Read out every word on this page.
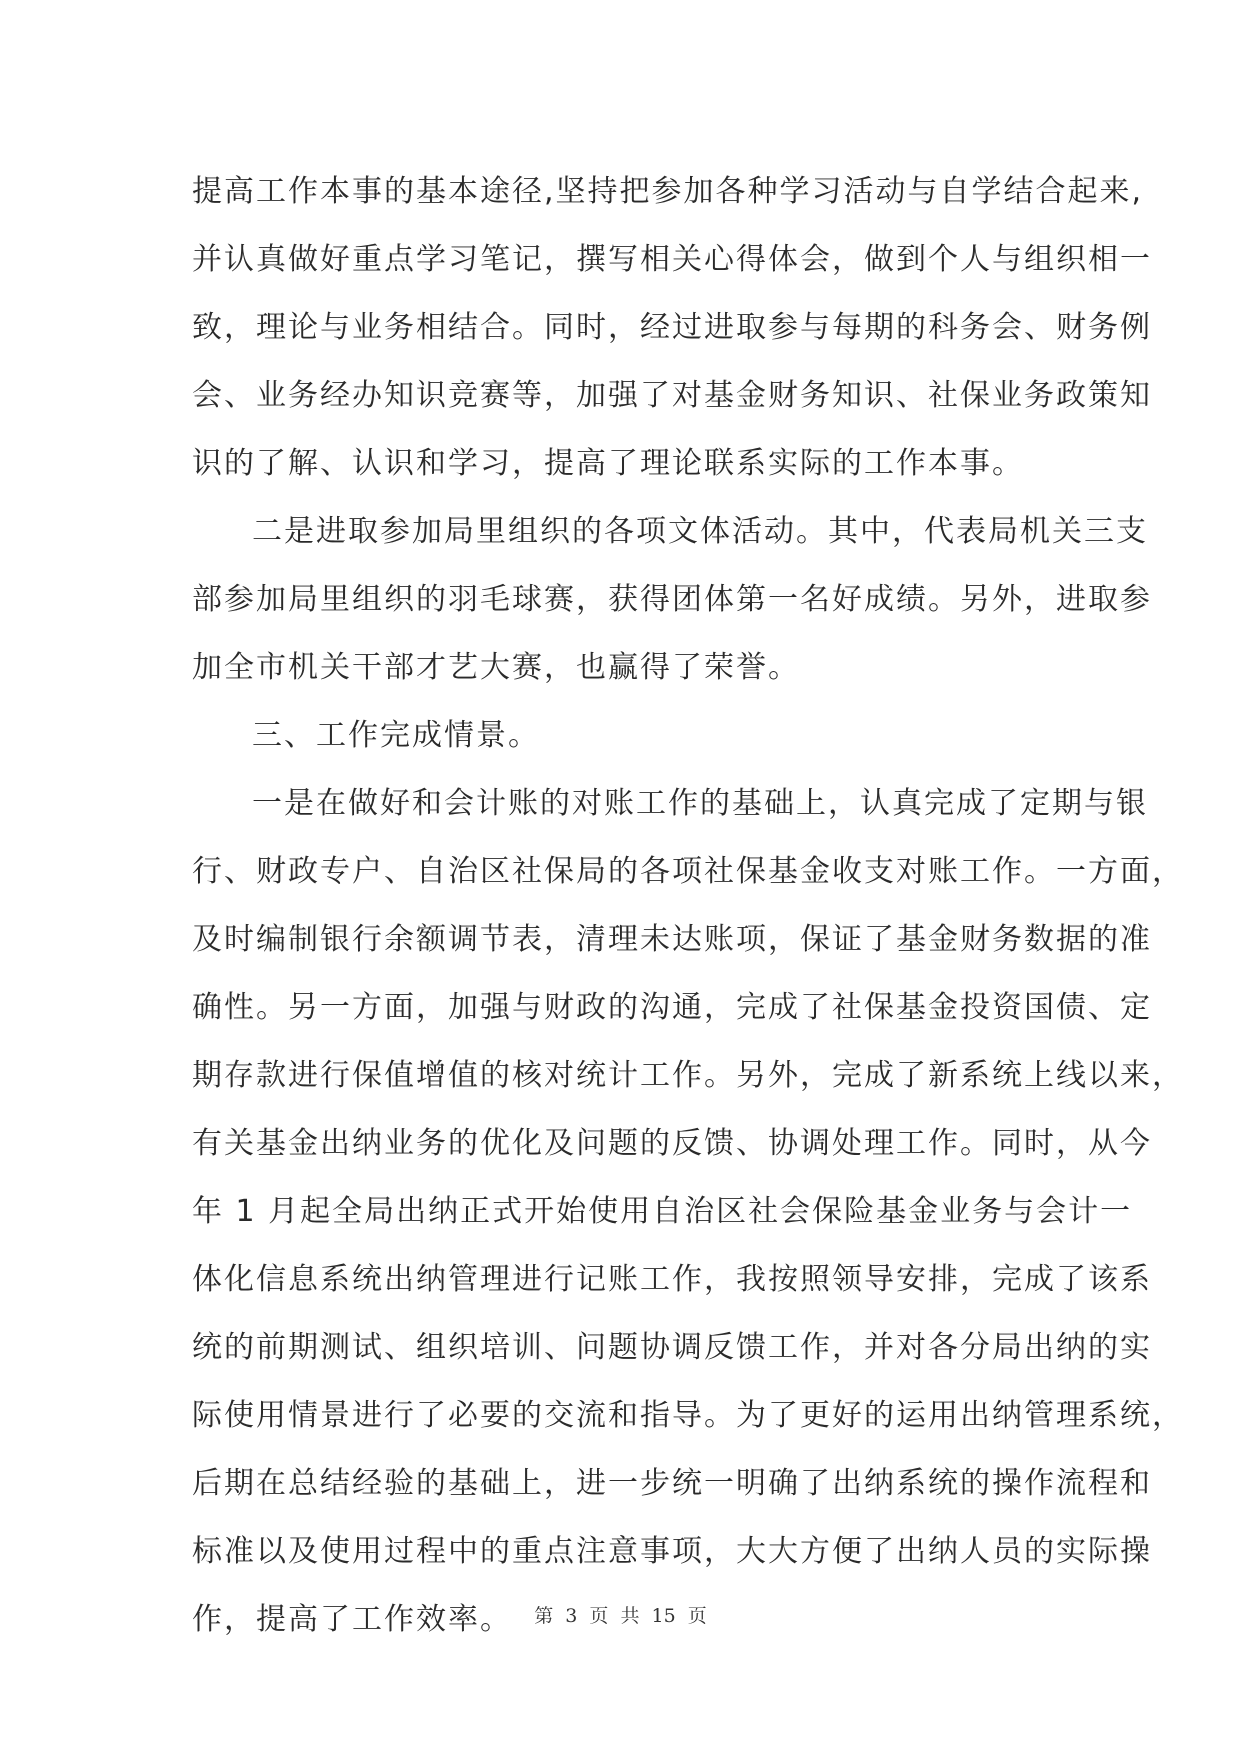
提高工作本事的基本途径,坚持把参加各种学习活动与自学结合起来,
并认真做好重点学习笔记，撰写相关心得体会，做到个人与组织相一
致，理论与业务相结合。同时，经过进取参与每期的科务会、财务例
会、业务经办知识竞赛等，加强了对基金财务知识、社保业务政策知
识的了解、认识和学习，提高了理论联系实际的工作本事。
二是进取参加局里组织的各项文体活动。其中，代表局机关三支
部参加局里组织的羽毛球赛，获得团体第一名好成绩。另外，进取参
加全市机关干部才艺大赛，也赢得了荣誉。
三、工作完成情景。
一是在做好和会计账的对账工作的基础上，认真完成了定期与银
行、财政专户、自治区社保局的各项社保基金收支对账工作。一方面，
及时编制银行余额调节表，清理未达账项，保证了基金财务数据的准
确性。另一方面，加强与财政的沟通，完成了社保基金投资国债、定
期存款进行保值增值的核对统计工作。另外，完成了新系统上线以来，
有关基金出纳业务的优化及问题的反馈、协调处理工作。同时，从今
年 1 月起全局出纳正式开始使用自治区社会保险基金业务与会计一
体化信息系统出纳管理进行记账工作，我按照领导安排，完成了该系
统的前期测试、组织培训、问题协调反馈工作，并对各分局出纳的实
际使用情景进行了必要的交流和指导。为了更好的运用出纳管理系统，
后期在总结经验的基础上，进一步统一明确了出纳系统的操作流程和
标准以及使用过程中的重点注意事项，大大方便了出纳人员的实际操
作，提高了工作效率。	第 3 页 共 15 页
